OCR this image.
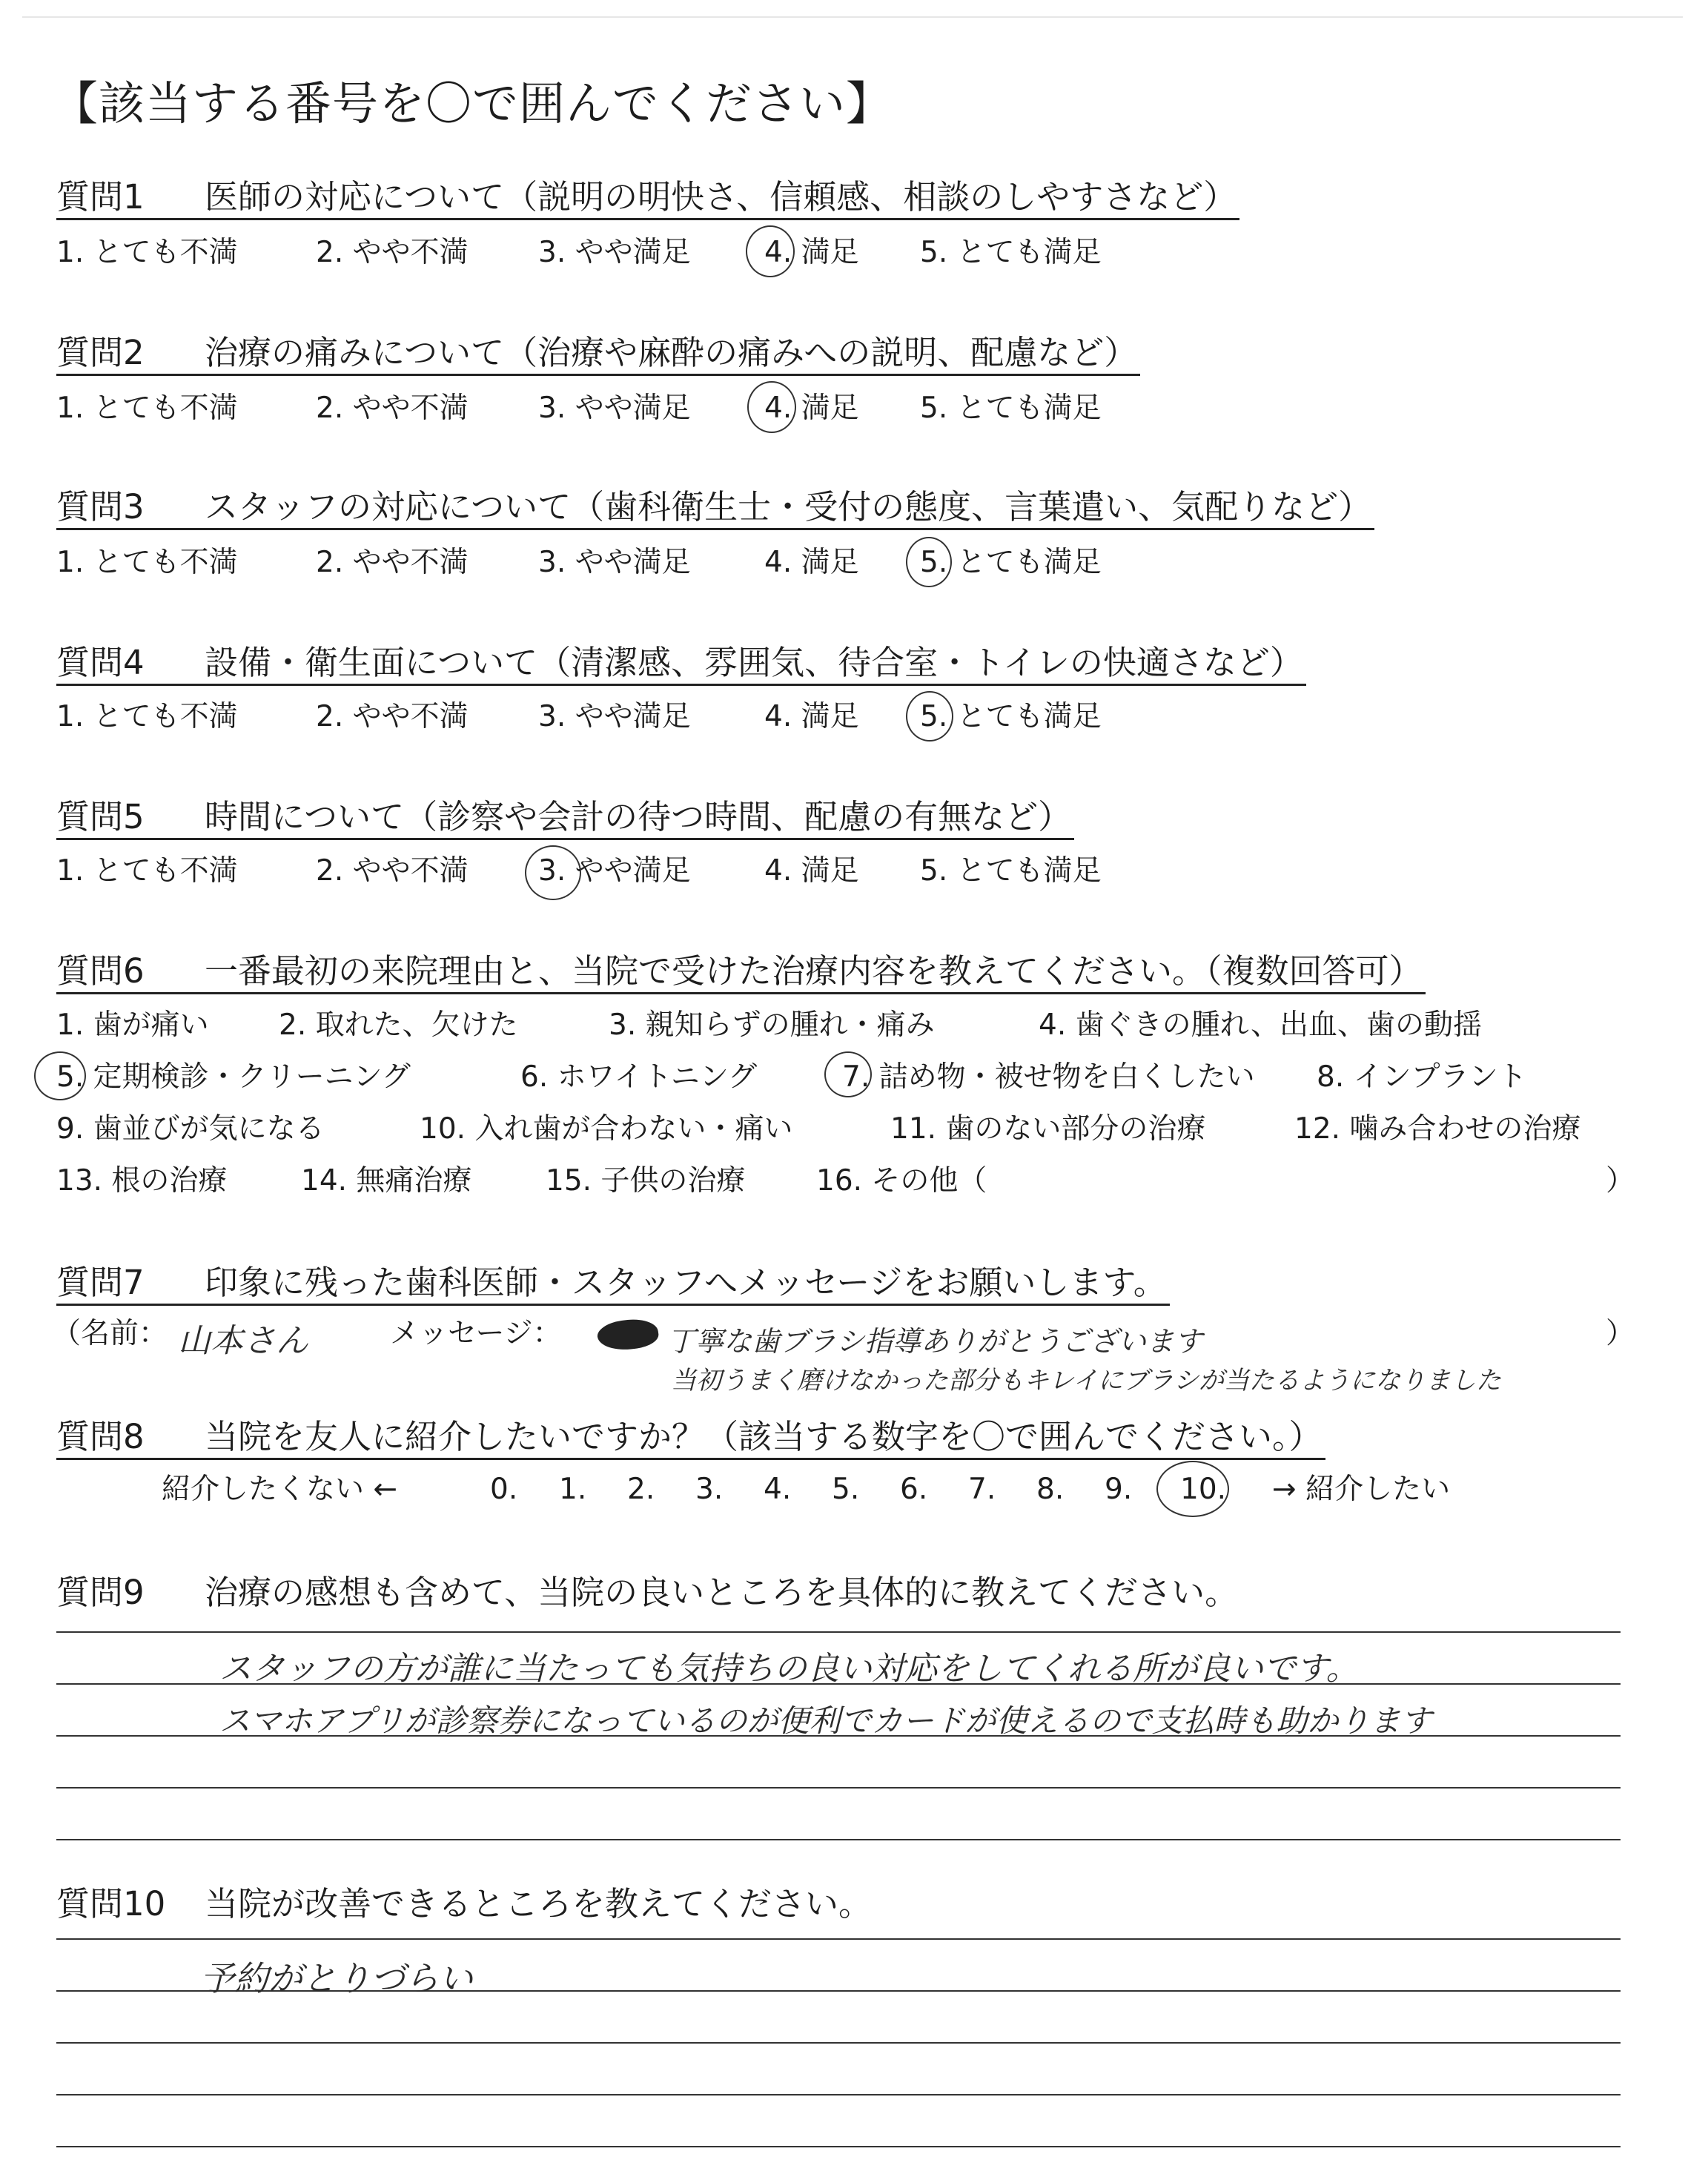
【該当する番号を〇で囲んでください】
質問1 医師の対応について（説明の明快さ、信頼感、相談のしやすさなど）
1. とても不満	2. やや不満 3. やや満足	4. 満足 5. とても満足
質問2 治療の痛みについて（治療や麻酔の痛みへの説明、配慮など）
1. とても不満	2. やや不満 3. やや満足	4. 満足 5. とても満足
質問3 スタッフの対応について（歯科衛生士・受付の態度、言葉遣い、気配りなど）
1. とても不満	2. やや不満 3. やや満足	4. 満足 5. とても満足
質問4 設備・衛生面について（清潔感、雰囲気、待合室・トイレの快適さなど）
1. とても不満	2. やや不満 3. やや満足	4. 満足 5. とても満足
質問5 時間について（診察や会計の待つ時間、配慮の有無など）
1. とても不満	2. やや不満 3. やや満足	4. 満足 5. とても満足
質問6 一番最初の来院理由と、当院で受けた治療内容を教えてください。（複数回答可）
1. 歯が痛い 2. 取れた、欠けた	3. 親知らずの腫れ・痛み	4. 歯ぐきの腫れ、出血、歯の動揺
5. 定期検診・クリーニング	6. ホワイトニング	7. 詰め物・被せ物を白くしたい 8. インプラント
9. 歯並びが気になる	10. 入れ歯が合わない・痛い	11. 歯のない部分の治療	12. 噛み合わせの治療
13. 根の治療	14. 無痛治療	15. 子供の治療 16. その他（	）
質問7 印象に残った歯科医師・スタッフへメッセージをお願いします。
（名前：	メッセージ：	）
山本さん	丁寧な歯ブラシ指導ありがとうございます
当初うまく磨けなかった部分もキレイにブラシが当たるようになりました
質問8 当院を友人に紹介したいですか？（該当する数字を〇で囲んでください。）
紹介したくない ←	0. 1. 2. 3. 4. 5. 6. 7. 8. 9. 10. → 紹介したい
質問9 治療の感想も含めて、当院の良いところを具体的に教えてください。
スタッフの方が誰に当たっても気持ちの良い対応をしてくれる所が良いです。
スマホアプリが診察券になっているのが便利でカードが使えるので支払時も助かります
質問10 当院が改善できるところを教えてください。
予約がとりづらい
